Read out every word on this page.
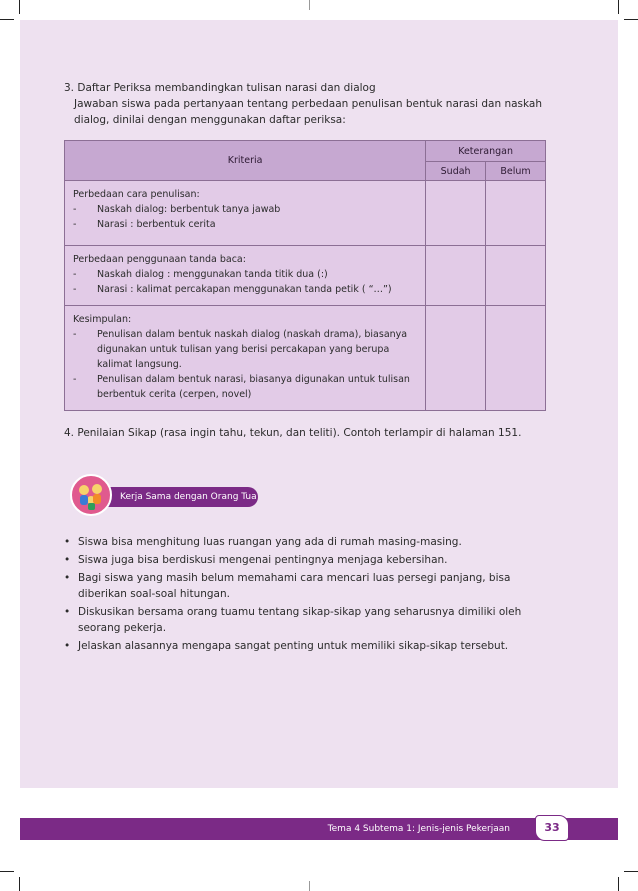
3. Daftar Periksa membandingkan tulisan narasi dan dialog

Jawaban siswa pada pertanyaan tentang perbedaan penulisan bentuk narasi dan naskah

dialog, dinilai dengan menggunakan daftar periksa:

Kriteria	Keterangan	
	Sudah	Belum

Perbedaan cara penulisan:

- Naskah dialog: berbentuk tanya jawab
- Narasi : berbentuk cerita		

Perbedaan penggunaan tanda baca:

- Naskah dialog : menggunakan tanda titik dua (:)
- Narasi : kalimat percakapan menggunakan tanda petik ( “…”)		

Kesimpulan:

- Penulisan dalam bentuk naskah dialog (naskah drama), biasanya digunakan untuk tulisan yang berisi percakapan yang berupa kalimat langsung.
- Penulisan dalam bentuk narasi, biasanya digunakan untuk tulisan berbentuk cerita (cerpen, novel)		

4. Penilaian Sikap (rasa ingin tahu, tekun, dan teliti). Contoh terlampir di halaman 151.

Kerja Sama dengan Orang Tua
• Siswa bisa menghitung luas ruangan yang ada di rumah masing-masing.
• Siswa juga bisa berdiskusi mengenai pentingnya menjaga kebersihan.
• Bagi siswa yang masih belum memahami cara mencari luas persegi panjang, bisa diberikan soal-soal hitungan.
• Diskusikan bersama orang tuamu tentang sikap-sikap yang seharusnya dimiliki oleh seorang pekerja.
• Jelaskan alasannya mengapa sangat penting untuk memiliki sikap-sikap tersebut.
Tema 4 Subtema 1: Jenis-jenis Pekerjaan	33
